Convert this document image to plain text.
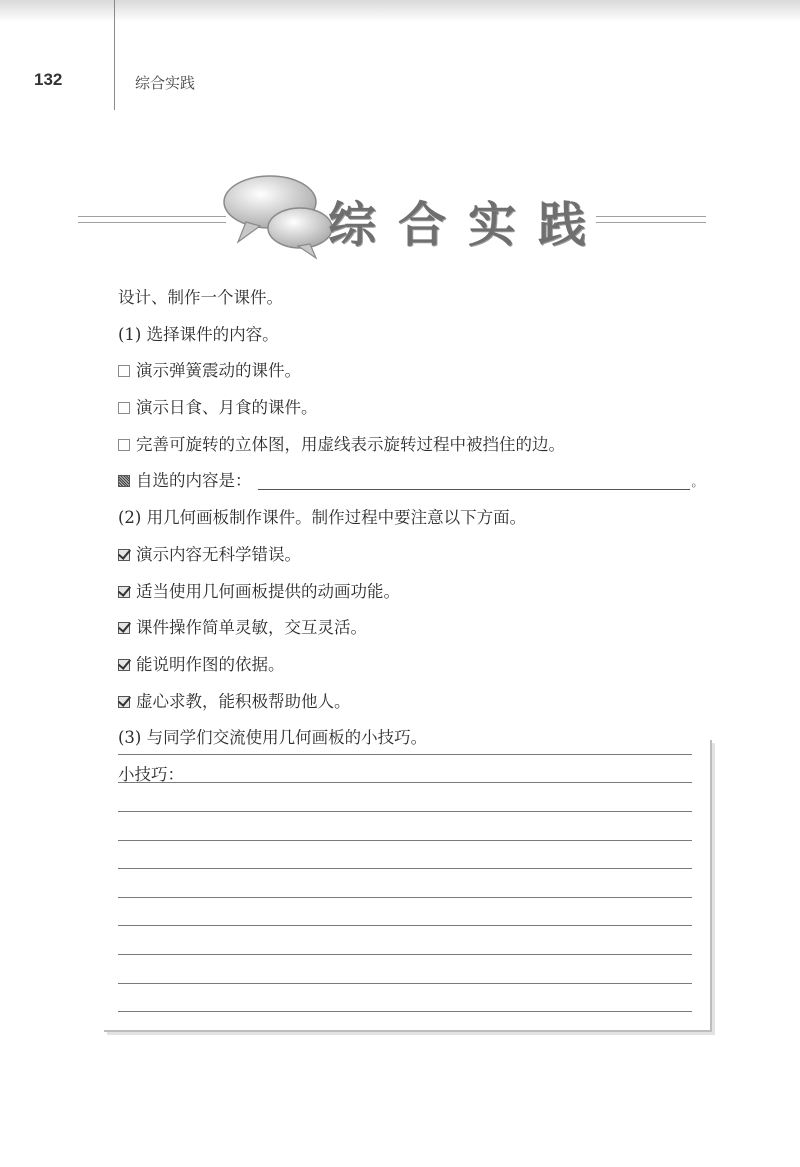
132	综合实践
综合实践
设计、制作一个课件。
(1) 选择课件的内容。
演示弹簧震动的课件。
演示日食、月食的课件。
完善可旋转的立体图，用虚线表示旋转过程中被挡住的边。
自选的内容是：	。
(2) 用几何画板制作课件。制作过程中要注意以下方面。
演示内容无科学错误。
适当使用几何画板提供的动画功能。
课件操作简单灵敏，交互灵活。
能说明作图的依据。
虚心求教，能积极帮助他人。
(3) 与同学们交流使用几何画板的小技巧。
小技巧：
